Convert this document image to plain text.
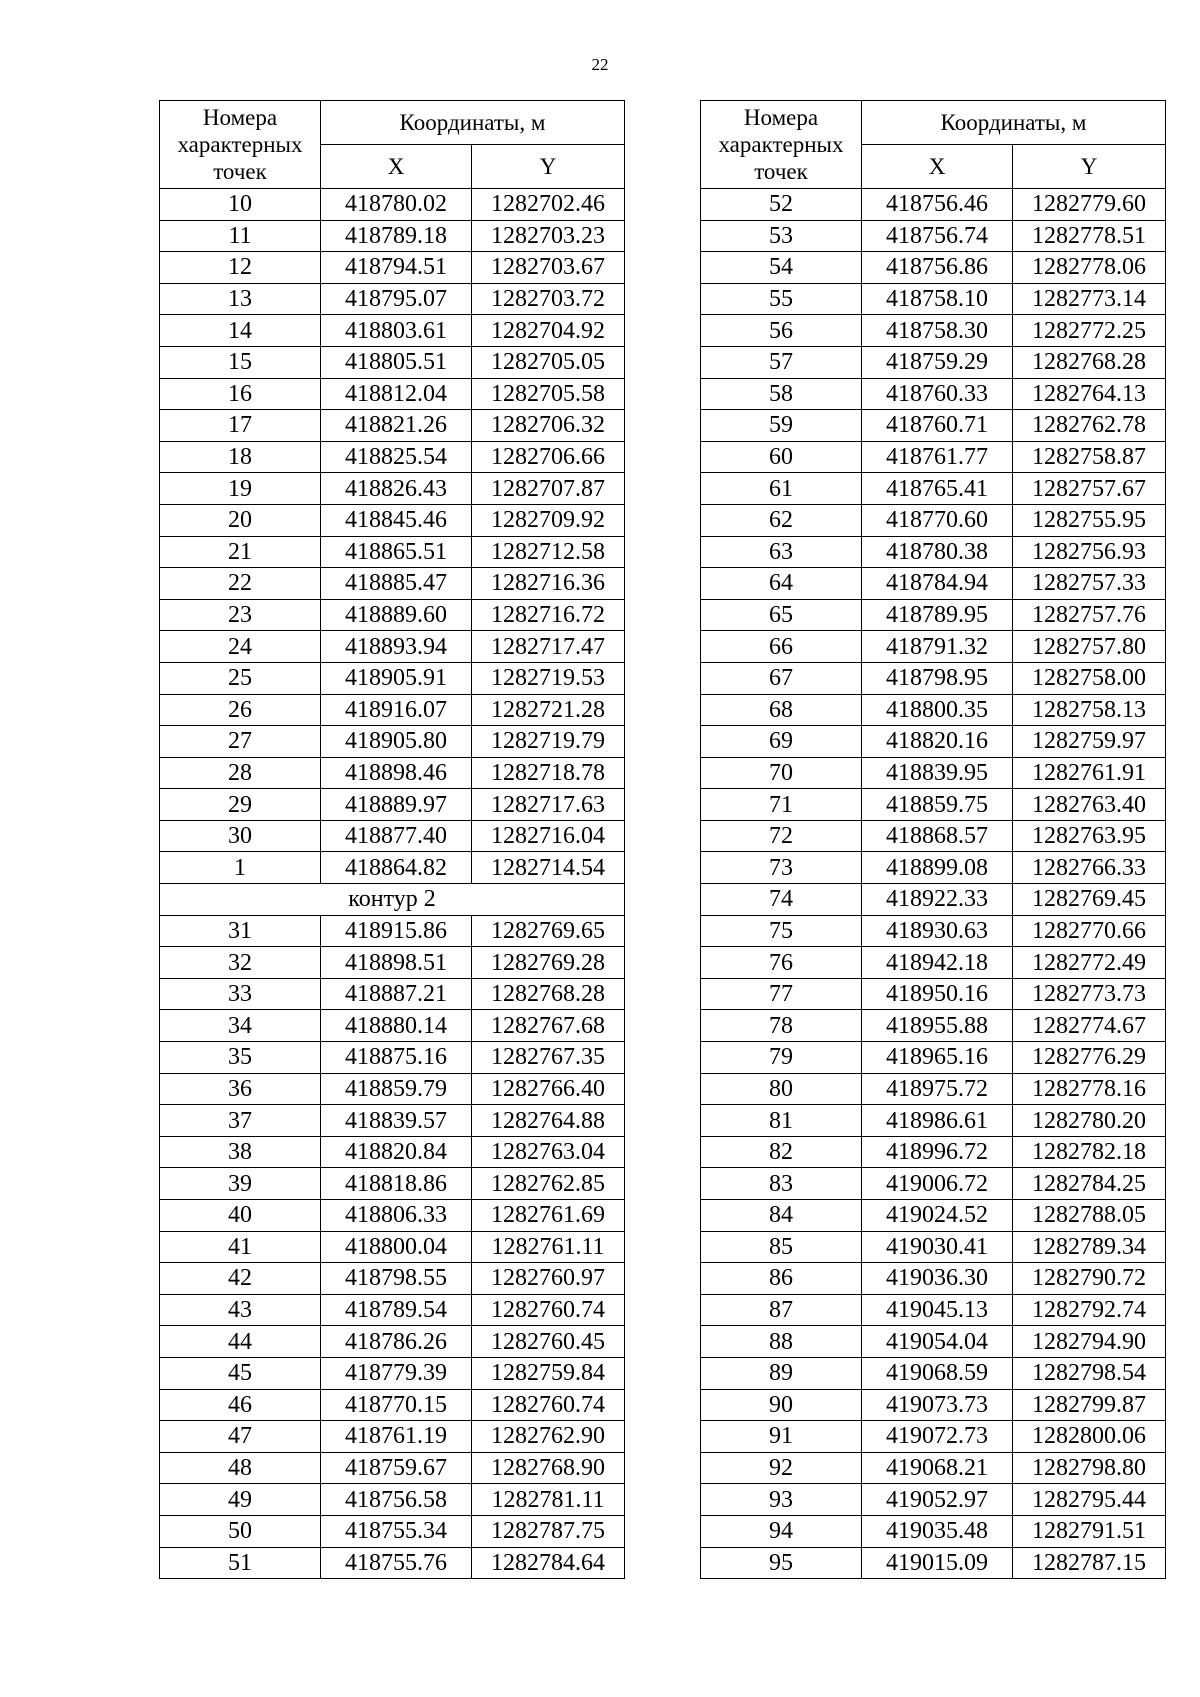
22
Номера
характерных
точек	Координаты, м	
	X	Y
10	418780.02	1282702.46
11	418789.18	1282703.23
12	418794.51	1282703.67
13	418795.07	1282703.72
14	418803.61	1282704.92
15	418805.51	1282705.05
16	418812.04	1282705.58
17	418821.26	1282706.32
18	418825.54	1282706.66
19	418826.43	1282707.87
20	418845.46	1282709.92
21	418865.51	1282712.58
22	418885.47	1282716.36
23	418889.60	1282716.72
24	418893.94	1282717.47
25	418905.91	1282719.53
26	418916.07	1282721.28
27	418905.80	1282719.79
28	418898.46	1282718.78
29	418889.97	1282717.63
30	418877.40	1282716.04
1	418864.82	1282714.54
контур 2		
31	418915.86	1282769.65
32	418898.51	1282769.28
33	418887.21	1282768.28
34	418880.14	1282767.68
35	418875.16	1282767.35
36	418859.79	1282766.40
37	418839.57	1282764.88
38	418820.84	1282763.04
39	418818.86	1282762.85
40	418806.33	1282761.69
41	418800.04	1282761.11
42	418798.55	1282760.97
43	418789.54	1282760.74
44	418786.26	1282760.45
45	418779.39	1282759.84
46	418770.15	1282760.74
47	418761.19	1282762.90
48	418759.67	1282768.90
49	418756.58	1282781.11
50	418755.34	1282787.75
51	418755.76	1282784.64
Номера
характерных
точек	Координаты, м	
	X	Y
52	418756.46	1282779.60
53	418756.74	1282778.51
54	418756.86	1282778.06
55	418758.10	1282773.14
56	418758.30	1282772.25
57	418759.29	1282768.28
58	418760.33	1282764.13
59	418760.71	1282762.78
60	418761.77	1282758.87
61	418765.41	1282757.67
62	418770.60	1282755.95
63	418780.38	1282756.93
64	418784.94	1282757.33
65	418789.95	1282757.76
66	418791.32	1282757.80
67	418798.95	1282758.00
68	418800.35	1282758.13
69	418820.16	1282759.97
70	418839.95	1282761.91
71	418859.75	1282763.40
72	418868.57	1282763.95
73	418899.08	1282766.33
74	418922.33	1282769.45
75	418930.63	1282770.66
76	418942.18	1282772.49
77	418950.16	1282773.73
78	418955.88	1282774.67
79	418965.16	1282776.29
80	418975.72	1282778.16
81	418986.61	1282780.20
82	418996.72	1282782.18
83	419006.72	1282784.25
84	419024.52	1282788.05
85	419030.41	1282789.34
86	419036.30	1282790.72
87	419045.13	1282792.74
88	419054.04	1282794.90
89	419068.59	1282798.54
90	419073.73	1282799.87
91	419072.73	1282800.06
92	419068.21	1282798.80
93	419052.97	1282795.44
94	419035.48	1282791.51
95	419015.09	1282787.15
